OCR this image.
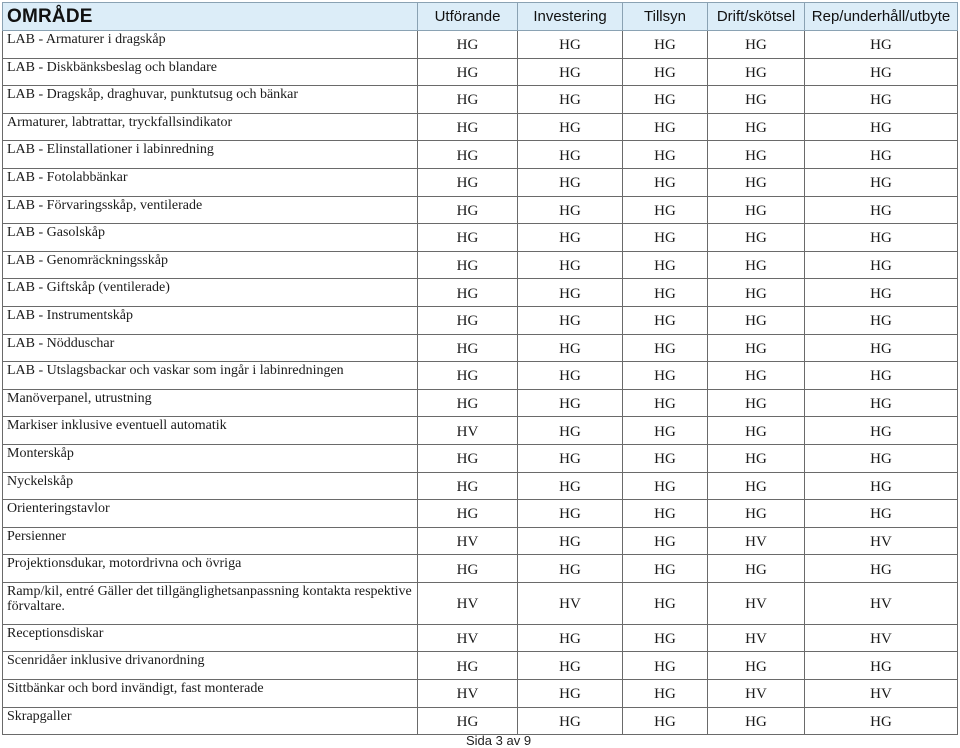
OMRÅDE	Utförande	Investering	Tillsyn	Drift/skötsel	Rep/underhåll/utbyte
LAB - Armaturer i dragskåp	HG	HG	HG	HG	HG
LAB - Diskbänksbeslag och blandare	HG	HG	HG	HG	HG
LAB - Dragskåp, draghuvar, punktutsug och bänkar	HG	HG	HG	HG	HG
Armaturer, labtrattar, tryckfallsindikator	HG	HG	HG	HG	HG
LAB - Elinstallationer i labinredning	HG	HG	HG	HG	HG
LAB - Fotolabbänkar	HG	HG	HG	HG	HG
LAB - Förvaringsskåp, ventilerade	HG	HG	HG	HG	HG
LAB - Gasolskåp	HG	HG	HG	HG	HG
LAB - Genomräckningsskåp	HG	HG	HG	HG	HG
LAB - Giftskåp (ventilerade)	HG	HG	HG	HG	HG
LAB - Instrumentskåp	HG	HG	HG	HG	HG
LAB - Nödduschar	HG	HG	HG	HG	HG
LAB - Utslagsbackar och vaskar som ingår i labinredningen	HG	HG	HG	HG	HG
Manöverpanel, utrustning	HG	HG	HG	HG	HG
Markiser inklusive eventuell automatik	HV	HG	HG	HG	HG
Monterskåp	HG	HG	HG	HG	HG
Nyckelskåp	HG	HG	HG	HG	HG
Orienteringstavlor	HG	HG	HG	HG	HG
Persienner	HV	HG	HG	HV	HV
Projektionsdukar, motordrivna och övriga	HG	HG	HG	HG	HG
Ramp/kil, entré Gäller det tillgänglighetsanpassning kontakta respektive förvaltare.	HV	HV	HG	HV	HV
Receptionsdiskar	HV	HG	HG	HV	HV
Scenridåer inklusive drivanordning	HG	HG	HG	HG	HG
Sittbänkar och bord invändigt, fast monterade	HV	HG	HG	HV	HV
Skrapgaller	HG	HG	HG	HG	HG
Sida 3 av 9
